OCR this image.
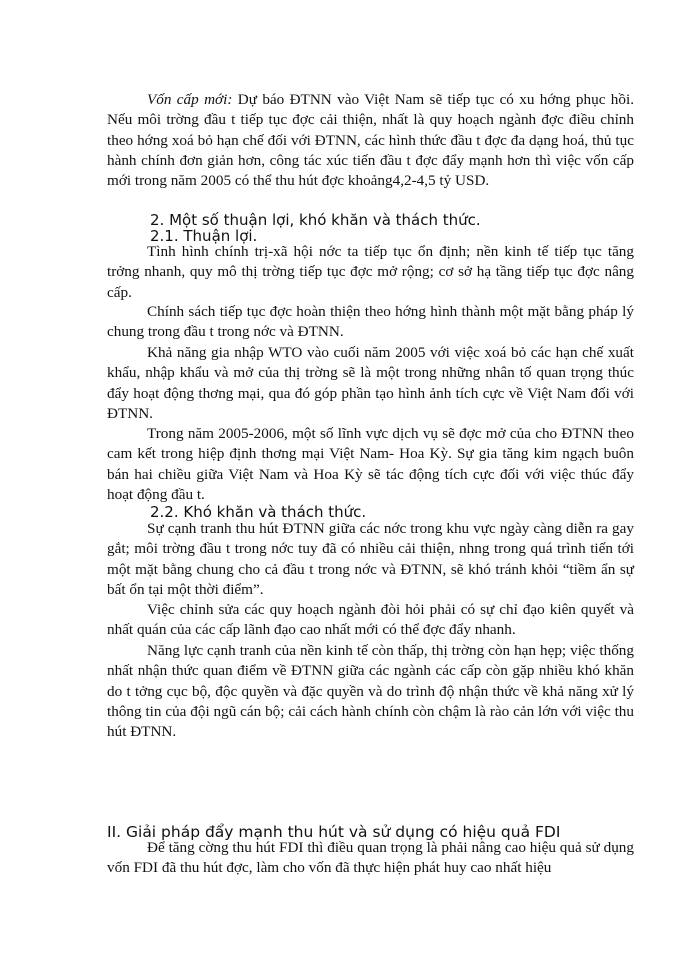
Vốn cấp mới: Dự báo ĐTNN vào Việt Nam sẽ tiếp tục có xu hớng phục hồi. Nếu môi trờng đầu t tiếp tục đợc cải thiện, nhất là quy hoạch ngành đợc điều chỉnh theo hớng xoá bỏ hạn chế đối với ĐTNN, các hình thức đầu t đợc đa dạng hoá, thủ tục hành chính đơn giản hơn, công tác xúc tiến đầu t đợc đẩy mạnh hơn thì việc vốn cấp mới trong năm 2005 có thể thu hút đợc khoảng4,2-4,5 tỷ USD.
2. Một số thuận lợi, khó khăn và thách thức.
2.1. Thuận lợi.
Tình hình chính trị-xã hội nớc ta tiếp tục ổn định; nền kinh tế tiếp tục tăng trởng nhanh, quy mô thị trờng tiếp tục đợc mở rộng; cơ sở hạ tầng tiếp tục đợc nâng cấp.
Chính sách tiếp tục đợc hoàn thiện theo hớng hình thành một mặt bằng pháp lý chung trong đầu t trong nớc và ĐTNN.
Khả năng gia nhập WTO vào cuối năm 2005 với việc xoá bỏ các hạn chế xuất khẩu, nhập khẩu và mở của thị trờng sẽ là một trong những nhân tố quan trọng thúc đẩy hoạt động thơng mại, qua đó góp phần tạo hình ảnh tích cực về Việt Nam đối với ĐTNN.
Trong năm 2005-2006, một số lĩnh vực dịch vụ sẽ đợc mở của cho ĐTNN theo cam kết trong hiệp định thơng mại Việt Nam- Hoa Kỳ. Sự gia tăng kim ngạch buôn bán hai chiều giữa Việt Nam và Hoa Kỳ sẽ tác động tích cực đối với việc thúc đẩy hoạt động đầu t.
2.2. Khó khăn và thách thức.
Sự cạnh tranh thu hút ĐTNN giữa các nớc trong khu vực ngày càng diễn ra gay gắt; môi trờng đầu t trong nớc tuy đã có nhiều cải thiện, nhng trong quá trình tiến tới một mặt bằng chung cho cả đầu t trong nớc và ĐTNN, sẽ khó tránh khỏi “tiềm ẩn sự bất ổn tại một thời điểm”.
Việc chỉnh sửa các quy hoạch ngành đòi hỏi phải có sự chỉ đạo kiên quyết và nhất quán của các cấp lãnh đạo cao nhất mới có thể đợc đẩy nhanh.
Năng lực cạnh tranh của nền kinh tế còn thấp, thị trờng còn hạn hẹp; việc thống nhất nhận thức quan điểm về ĐTNN giữa các ngành các cấp còn gặp nhiều khó khăn do t tởng cục bộ, độc quyền và đặc quyền và do trình độ nhận thức về khả năng xử lý thông tin của đội ngũ cán bộ; cải cách hành chính còn chậm là rào cản lớn với việc thu hút ĐTNN.
II. Giải pháp đẩy mạnh thu hút và sử dụng có hiệu quả FDI
Để tăng cờng thu hút FDI thì điều quan trọng là phải nâng cao hiệu quả sử dụng vốn FDI đã thu hút đợc, làm cho vốn đã thực hiện phát huy cao nhất hiệu
